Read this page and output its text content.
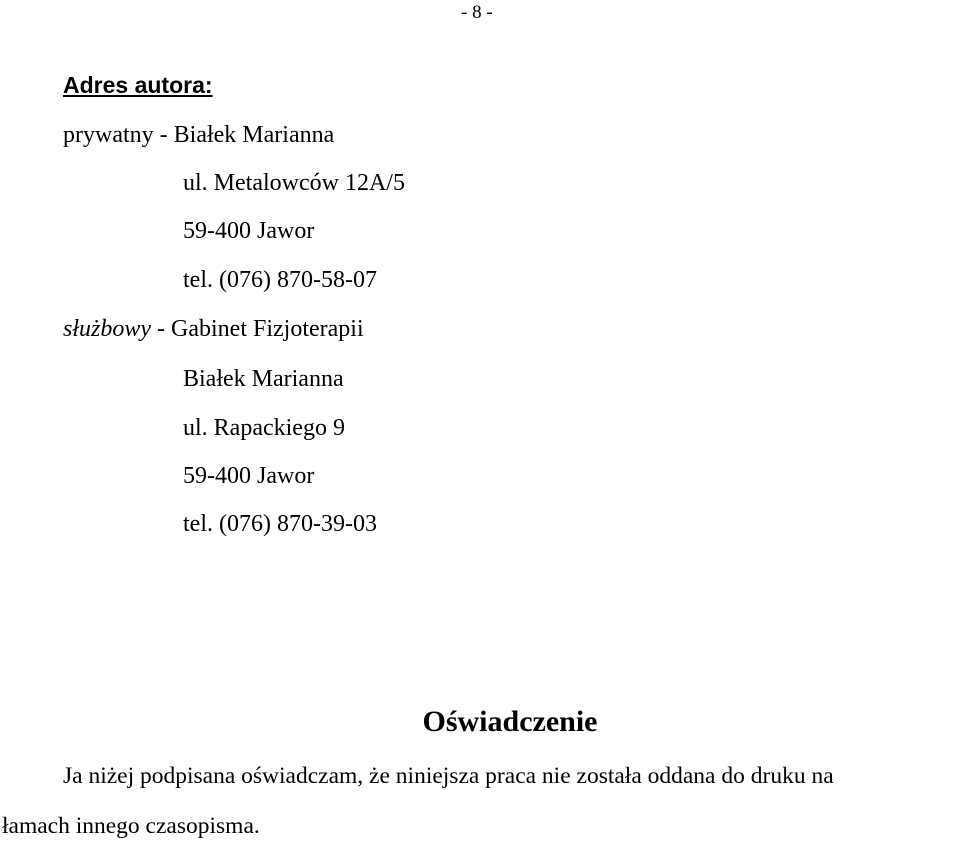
- 8 -
Adres autora:
prywatny - Białek Marianna
ul. Metalowców 12A/5
59-400 Jawor
tel. (076) 870-58-07
służbowy - Gabinet Fizjoterapii
Białek Marianna
ul. Rapackiego 9
59-400 Jawor
tel. (076) 870-39-03
Oświadczenie
Ja niżej podpisana oświadczam, że niniejsza praca nie została oddana do druku na
łamach innego czasopisma.
